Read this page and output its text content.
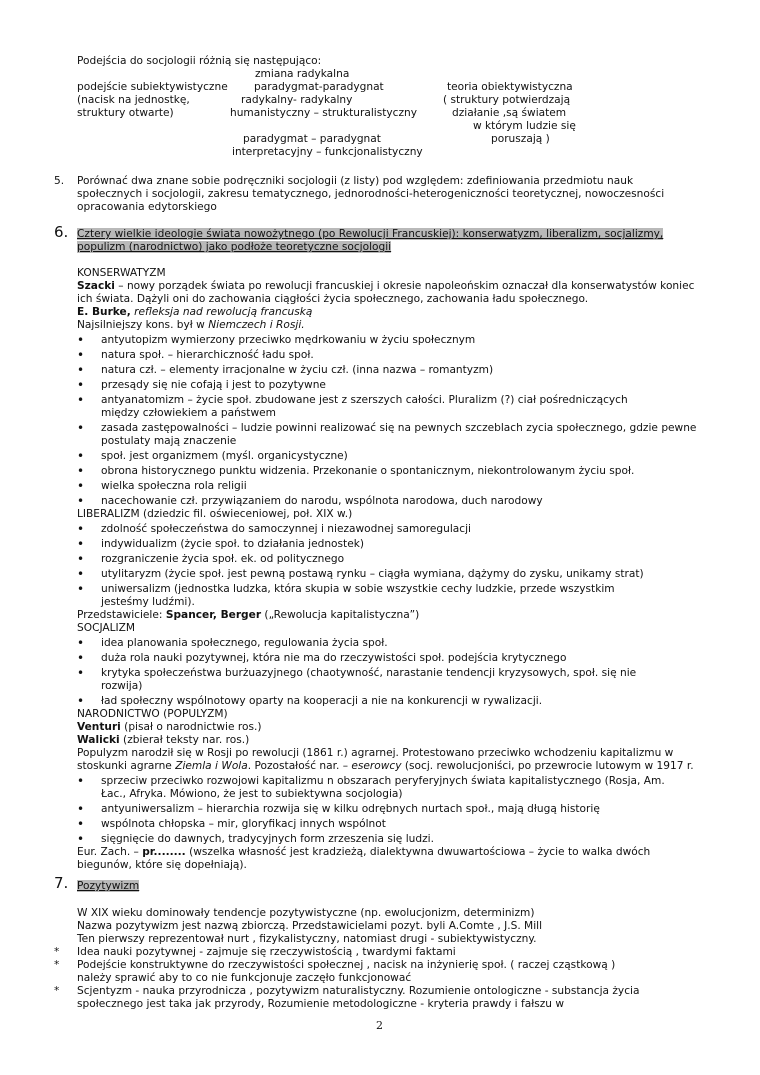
Podejścia do socjologii różnią się następująco:
zmiana radykalna
podejście subiektywistyczne paradygmat-paradygnat	teoria obiektywistyczna
(nacisk na jednostkę,	radykalny- radykalny	( struktury potwierdzają
struktury otwarte)	humanistyczny – strukturalistyczny	działanie ,są światem
w którym ludzie się
paradygmat – paradygnat	poruszają )
interpretacyjny – funkcjonalistyczny
5. Porównać dwa znane sobie podręczniki socjologii (z listy) pod względem: zdefiniowania przedmiotu nauk społecznych i socjologii, zakresu tematycznego, jednorodności-heterogeniczności teoretycznej, nowoczesności opracowania edytorskiego
6. Cztery wielkie ideologie świata nowożytnego (po Rewolucji Francuskiej): konserwatyzm, liberalizm, socjalizmy,
populizm (narodnictwo) jako podłoże teoretyczne socjologii
KONSERWATYZM
Szacki – nowy porządek świata po rewolucji francuskiej i okresie napoleońskim oznaczał dla konserwatystów koniec ich świata. Dążyli oni do zachowania ciągłości życia społecznego, zachowania ładu społecznego.
E. Burke, refleksja nad rewolucją francuską
Najsilniejszy kons. był w Niemczech i Rosji.
• antyutopizm wymierzony przeciwko mędrkowaniu w życiu społecznym
• natura społ. – hierarchiczność ładu społ.
• natura czł. – elementy irracjonalne w życiu czł. (inna nazwa – romantyzm)
• przesądy się nie cofają i jest to pozytywne
• antyanatomizm – życie społ. zbudowane jest z szerszych całości. Pluralizm (?) ciał pośredniczących między człowiekiem a państwem
• zasada zastępowalności – ludzie powinni realizować się na pewnych szczeblach zycia społecznego, gdzie pewne postulaty mają znaczenie
• społ. jest organizmem (myśl. organicystyczne)
• obrona historycznego punktu widzenia. Przekonanie o spontanicznym, niekontrolowanym życiu społ.
• wielka społeczna rola religii
• nacechowanie czł. przywiązaniem do narodu, wspólnota narodowa, duch narodowy
LIBERALIZM (dziedzic fil. oświeceniowej, poł. XIX w.)
• zdolność społeczeństwa do samoczynnej i niezawodnej samoregulacji
• indywidualizm (życie społ. to działania jednostek)
• rozgraniczenie życia społ. ek. od politycznego
• utylitaryzm (życie społ. jest pewną postawą rynku – ciągła wymiana, dążymy do zysku, unikamy strat)
• uniwersalizm (jednostka ludzka, która skupia w sobie wszystkie cechy ludzkie, przede wszystkim jesteśmy ludźmi).
Przedstawiciele: Spancer, Berger („Rewolucja kapitalistyczna”)
SOCJALIZM
• idea planowania społecznego, regulowania życia społ.
• duża rola nauki pozytywnej, która nie ma do rzeczywistości społ. podejścia krytycznego
• krytyka społeczeństwa burżuazyjnego (chaotywność, narastanie tendencji kryzysowych, społ. się nie rozwija)
• ład społeczny wspólnotowy oparty na kooperacji a nie na konkurencji w rywalizacji.
NARODNICTWO (POPULYZM)
Venturi (pisał o narodnictwie ros.)
Walicki (zbierał teksty nar. ros.)
Populyzm narodził się w Rosji po rewolucji (1861 r.) agrarnej. Protestowano przeciwko wchodzeniu kapitalizmu w stoskunki agrarne Ziemla i Wola. Pozostałość nar. – eserowcy (socj. rewolucjoniści, po przewrocie lutowym w 1917 r.
• sprzeciw przeciwko rozwojowi kapitalizmu n obszarach peryferyjnych świata kapitalistycznego (Rosja, Am. Łac., Afryka. Mówiono, że jest to subiektywna socjologia)
• antyuniwersalizm – hierarchia rozwija się w kilku odrębnych nurtach społ., mają długą historię
• wspólnota chłopska – mir, gloryfikacj innych wspólnot
• sięgnięcie do dawnych, tradycyjnych form zrzeszenia się ludzi.
Eur. Zach. – pr........ (wszelka własność jest kradzieżą, dialektywna dwuwartościowa – życie to walka dwóch biegunów, które się dopełniają).
7. Pozytywizm
W XIX wieku dominowały tendencje pozytywistyczne (np. ewolucjonizm, determinizm)
Nazwa pozytywizm jest nazwą zbiorczą. Przedstawicielami pozyt. byli A.Comte , J.S. Mill
Ten pierwszy reprezentował nurt , fizykalistyczny, natomiast drugi - subiektywistyczny.
* Idea nauki pozytywnej - zajmuje się rzeczywistością , twardymi faktami
* Podejście konstruktywne do rzeczywistości społecznej , nacisk na inżynierię społ. ( raczej cząstkową ) należy sprawić aby to co nie funkcjonuje zaczęło funkcjonować
* Scjentyzm - nauka przyrodnicza , pozytywizm naturalistyczny. Rozumienie ontologiczne - substancja życia społecznego jest taka jak przyrody, Rozumienie metodologiczne - kryteria prawdy i fałszu w
2
